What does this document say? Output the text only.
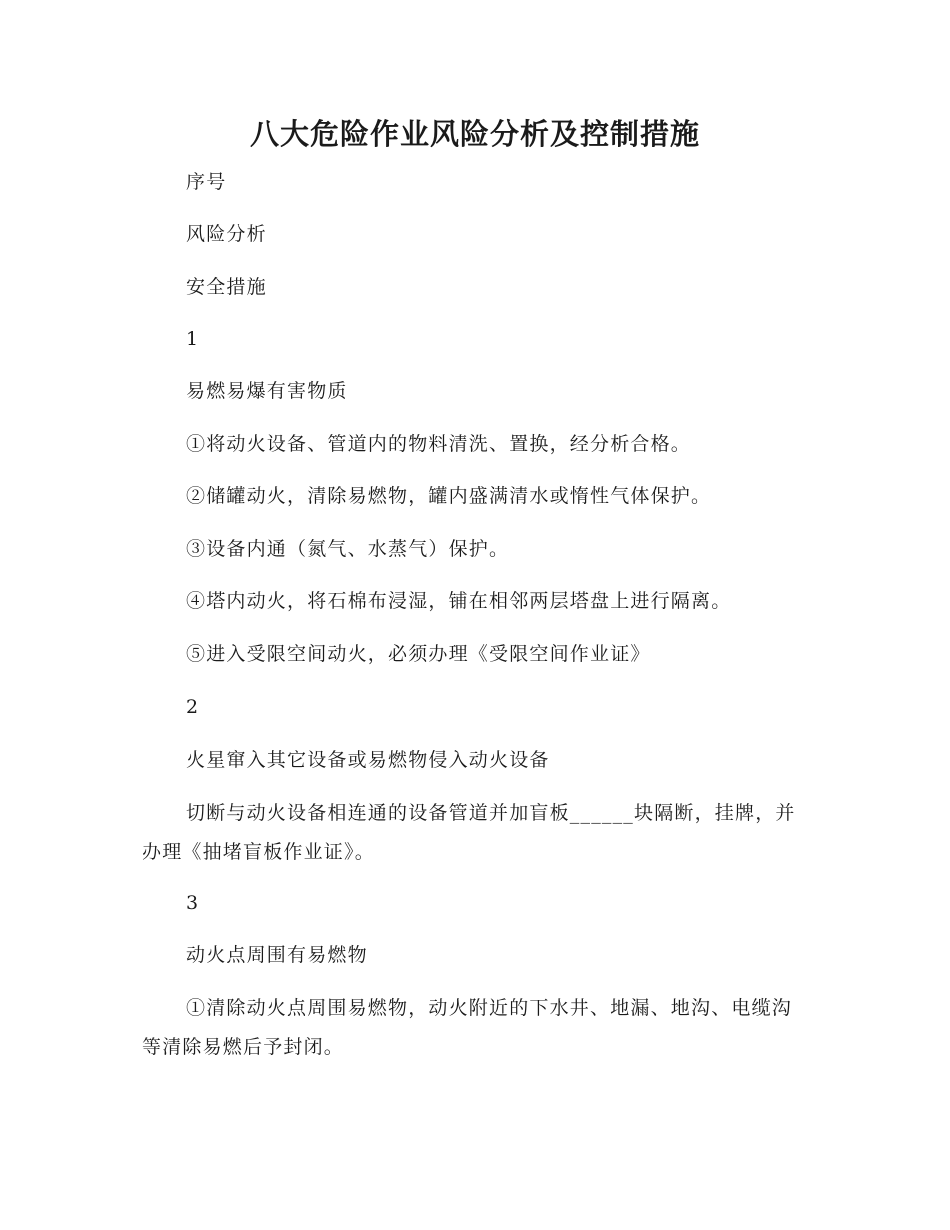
八大危险作业风险分析及控制措施

序号

风险分析

安全措施

1

易燃易爆有害物质

①将动火设备、管道内的物料清洗、置换，经分析合格。

②储罐动火，清除易燃物，罐内盛满清水或惰性气体保护。

③设备内通（氮气、水蒸气）保护。

④塔内动火，将石棉布浸湿，铺在相邻两层塔盘上进行隔离。

⑤进入受限空间动火，必须办理《受限空间作业证》

2

火星窜入其它设备或易燃物侵入动火设备

切断与动火设备相连通的设备管道并加盲板______块隔断，挂牌，并办理《抽堵盲板作业证》。

3

动火点周围有易燃物

①清除动火点周围易燃物，动火附近的下水井、地漏、地沟、电缆沟等清除易燃后予封闭。
